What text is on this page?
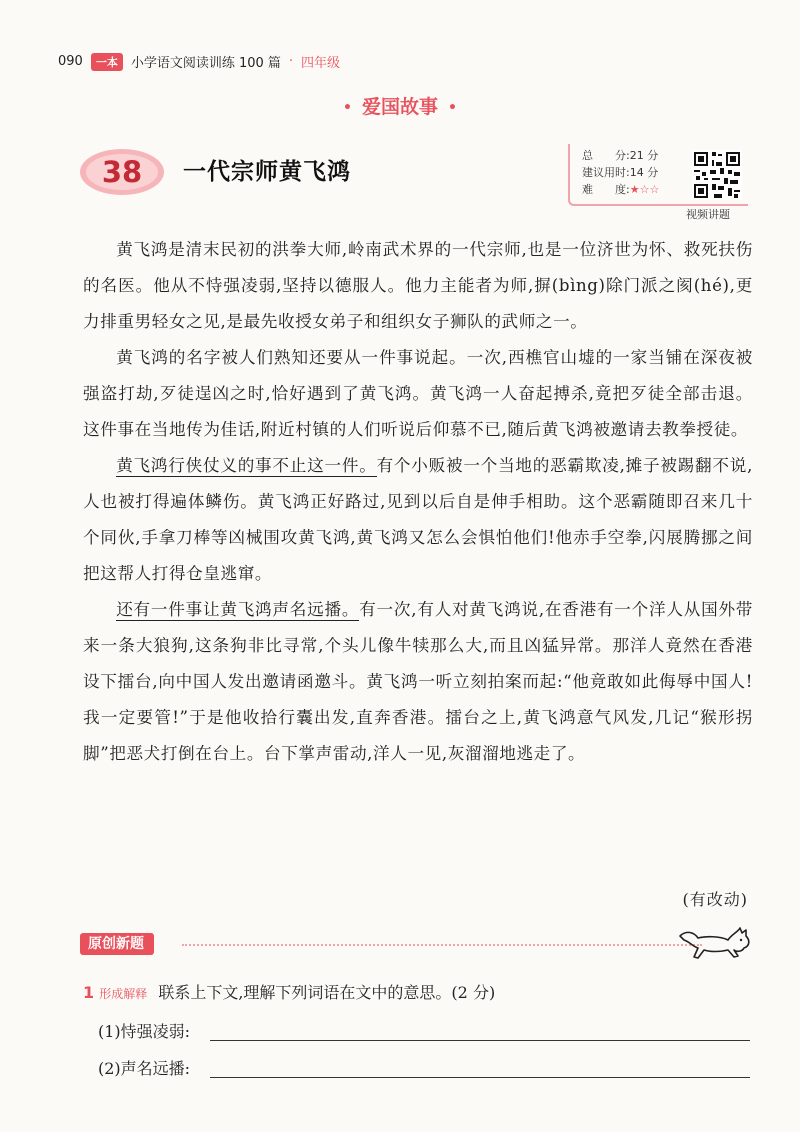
090	一本	小学语文阅读训练 100 篇 · 四年级
• 爱国故事 •
38	一代宗师黄飞鸿
总　　分:21 分
建议用时:14 分
难　　度:★☆☆
视频讲题

黄飞鸿是清末民初的洪拳大师,岭南武术界的一代宗师,也是一位济世为怀、救死扶伤的名医。他从不恃强凌弱,坚持以德服人。他力主能者为师,摒(bìng)除门派之阂(hé),更力排重男轻女之见,是最先收授女弟子和组织女子狮队的武师之一。

黄飞鸿的名字被人们熟知还要从一件事说起。一次,西樵官山墟的一家当铺在深夜被强盗打劫,歹徒逞凶之时,恰好遇到了黄飞鸿。黄飞鸿一人奋起搏杀,竟把歹徒全部击退。这件事在当地传为佳话,附近村镇的人们听说后仰慕不已,随后黄飞鸿被邀请去教拳授徒。

黄飞鸿行侠仗义的事不止这一件。有个小贩被一个当地的恶霸欺凌,摊子被踢翻不说,人也被打得遍体鳞伤。黄飞鸿正好路过,见到以后自是伸手相助。这个恶霸随即召来几十个同伙,手拿刀棒等凶械围攻黄飞鸿,黄飞鸿又怎么会惧怕他们!他赤手空拳,闪展腾挪之间把这帮人打得仓皇逃窜。

还有一件事让黄飞鸿声名远播。有一次,有人对黄飞鸿说,在香港有一个洋人从国外带来一条大狼狗,这条狗非比寻常,个头儿像牛犊那么大,而且凶猛异常。那洋人竟然在香港设下擂台,向中国人发出邀请函邀斗。黄飞鸿一听立刻拍案而起:“他竟敢如此侮辱中国人!我一定要管!”于是他收拾行囊出发,直奔香港。擂台之上,黄飞鸿意气风发,几记“猴形拐脚”把恶犬打倒在台上。台下掌声雷动,洋人一见,灰溜溜地逃走了。

(有改动)
原创新题
1 形成解释 联系上下文,理解下列词语在文中的意思。(2 分)
(1)恃强凌弱:
(2)声名远播:
